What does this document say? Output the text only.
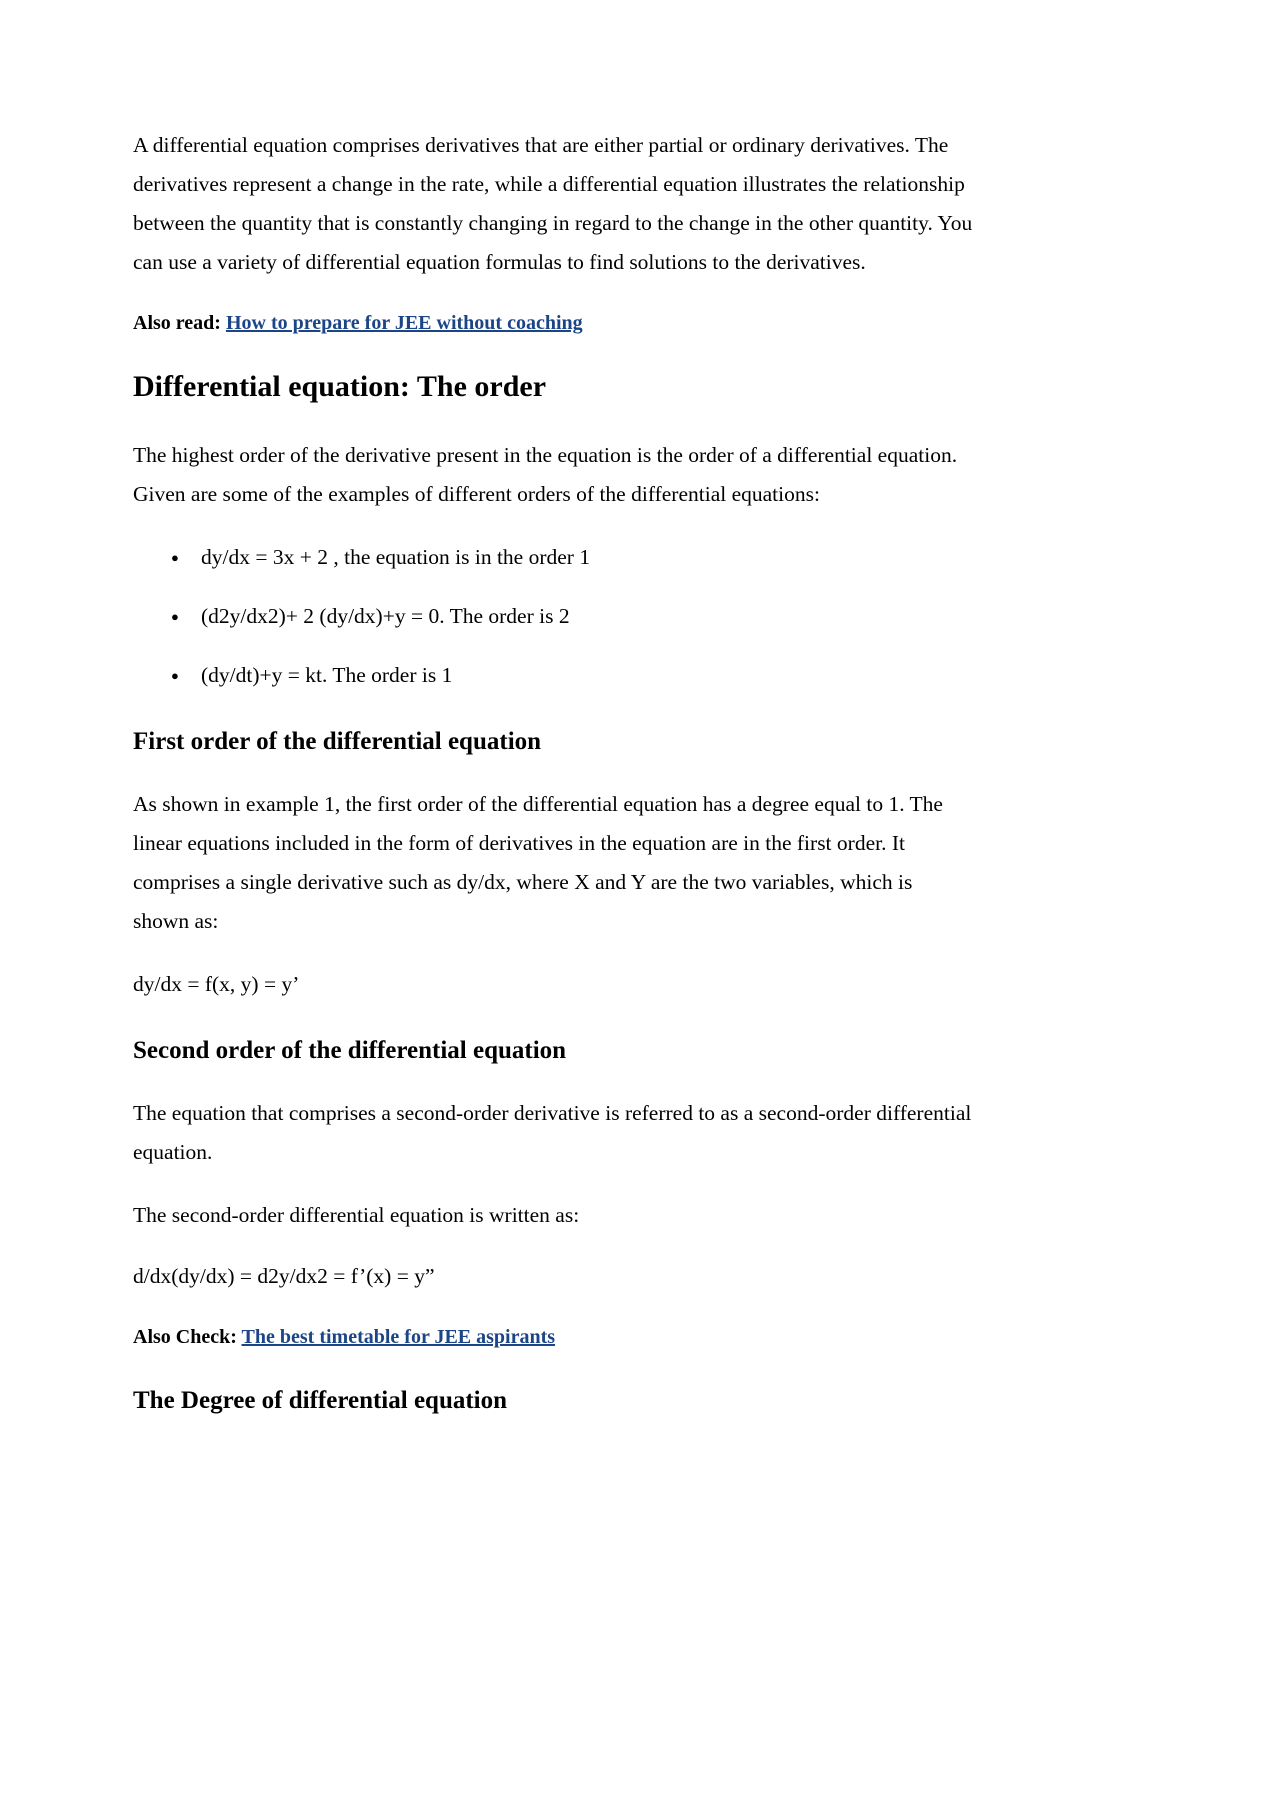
A differential equation comprises derivatives that are either partial or ordinary derivatives. The derivatives represent a change in the rate, while a differential equation illustrates the relationship between the quantity that is constantly changing in regard to the change in the other quantity. You can use a variety of differential equation formulas to find solutions to the derivatives.

Also read: How to prepare for JEE without coaching

Differential equation: The order

The highest order of the derivative present in the equation is the order of a differential equation. Given are some of the examples of different orders of the differential equations:

● dy/dx = 3x + 2 , the equation is in the order 1
● (d2y/dx2)+ 2 (dy/dx)+y = 0. The order is 2
● (dy/dt)+y = kt. The order is 1
First order of the differential equation

As shown in example 1, the first order of the differential equation has a degree equal to 1. The linear equations included in the form of derivatives in the equation are in the first order. It comprises a single derivative such as dy/dx, where X and Y are the two variables, which is shown as:

dy/dx = f(x, y) = y’

Second order of the differential equation

The equation that comprises a second-order derivative is referred to as a second-order differential equation.

The second-order differential equation is written as:

d/dx(dy/dx) = d2y/dx2 = f’(x) = y”

Also Check: The best timetable for JEE aspirants

The Degree of differential equation
